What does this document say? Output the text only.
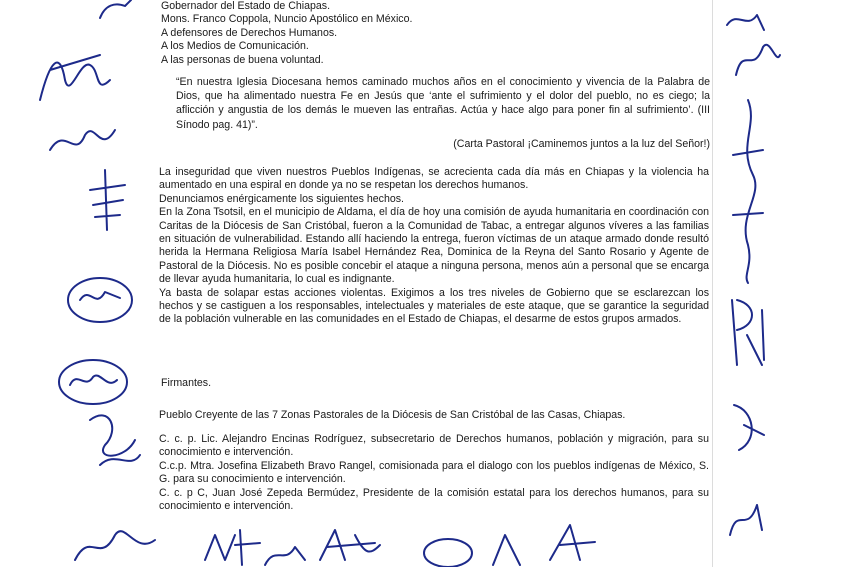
Gobernador del Estado de Chiapas.

Mons. Franco Coppola, Nuncio Apostólico en México.

A defensores de Derechos Humanos.

A los Medios de Comunicación.

A las personas de buena voluntad.

“En nuestra Iglesia Diocesana hemos caminado muchos años en el conocimiento y vivencia de la Palabra de Dios, que ha alimentado nuestra Fe en Jesús que ‘ante el sufrimiento y el dolor del pueblo, no es ciego; la aflicción y angustia de los demás le mueven las entrañas. Actúa y hace algo para poner fin al sufrimiento’. (III Sínodo pag. 41)”.
(Carta Pastoral ¡Caminemos juntos a la luz del Señor!)

La inseguridad que viven nuestros Pueblos Indígenas, se acrecienta cada día más en Chiapas y la violencia ha aumentado en una espiral en donde ya no se respetan los derechos humanos.

Denunciamos enérgicamente los siguientes hechos.

En la Zona Tsotsil, en el municipio de Aldama, el día de hoy una comisión de ayuda humanitaria en coordinación con Caritas de la Diócesis de San Cristóbal, fueron a la Comunidad de Tabac, a entregar algunos víveres a las familias en situación de vulnerabilidad. Estando allí haciendo la entrega, fueron víctimas de un ataque armado donde resultó herida la Hermana Religiosa María Isabel Hernández Rea, Dominica de la Reyna del Santo Rosario y Agente de Pastoral de la Diócesis. No es posible concebir el ataque a ninguna persona, menos aún a personal que se encarga de llevar ayuda humanitaria, lo cual es indignante.

Ya basta de solapar estas acciones violentas. Exigimos a los tres niveles de Gobierno que se esclarezcan los hechos y se castiguen a los responsables, intelectuales y materiales de este ataque, que se garantice la seguridad de la población vulnerable en las comunidades en el Estado de Chiapas, el desarme de estos grupos armados.

Firmantes.
Pueblo Creyente de las 7 Zonas Pastorales de la Diócesis de San Cristóbal de las Casas, Chiapas.

C. c. p. Lic. Alejandro Encinas Rodríguez, subsecretario de Derechos humanos, población y migración, para su conocimiento e intervención.

C.c.p. Mtra. Josefina Elizabeth Bravo Rangel, comisionada para el dialogo con los pueblos indígenas de México, S. G. para su conocimiento e intervención.

C. c. p C, Juan José Zepeda Bermúdez, Presidente de la comisión estatal para los derechos humanos, para su conocimiento e intervención.
